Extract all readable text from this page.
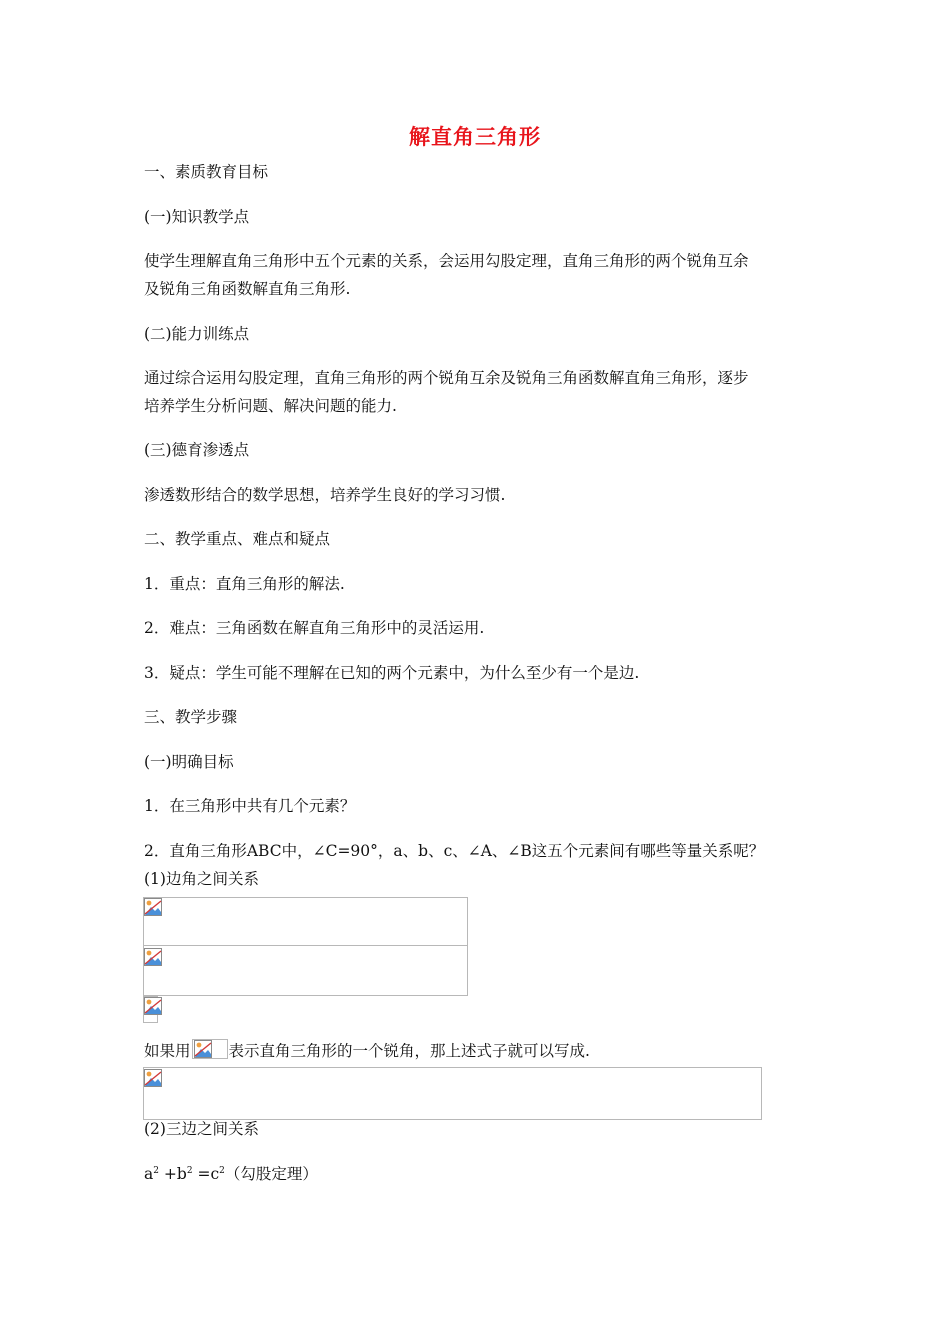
解直角三角形
一、素质教育目标
(一)知识教学点
使学生理解直角三角形中五个元素的关系，会运用勾股定理，直角三角形的两个锐角互余
及锐角三角函数解直角三角形.
(二)能力训练点
通过综合运用勾股定理，直角三角形的两个锐角互余及锐角三角函数解直角三角形，逐步
培养学生分析问题、解决问题的能力.
(三)德育渗透点
渗透数形结合的数学思想，培养学生良好的学习习惯.
二、教学重点、难点和疑点
1．重点：直角三角形的解法.
2．难点：三角函数在解直角三角形中的灵活运用.
3．疑点：学生可能不理解在已知的两个元素中，为什么至少有一个是边.
三、教学步骤
(一)明确目标
1．在三角形中共有几个元素？
2．直角三角形ABC中，∠C=90°，a、b、c、∠A、∠B这五个元素间有哪些等量关系呢？
(1)边角之间关系
如果用 表示直角三角形的一个锐角，那上述式子就可以写成.
(2)三边之间关系
$a^2 +b^2 =c^2$（勾股定理）
